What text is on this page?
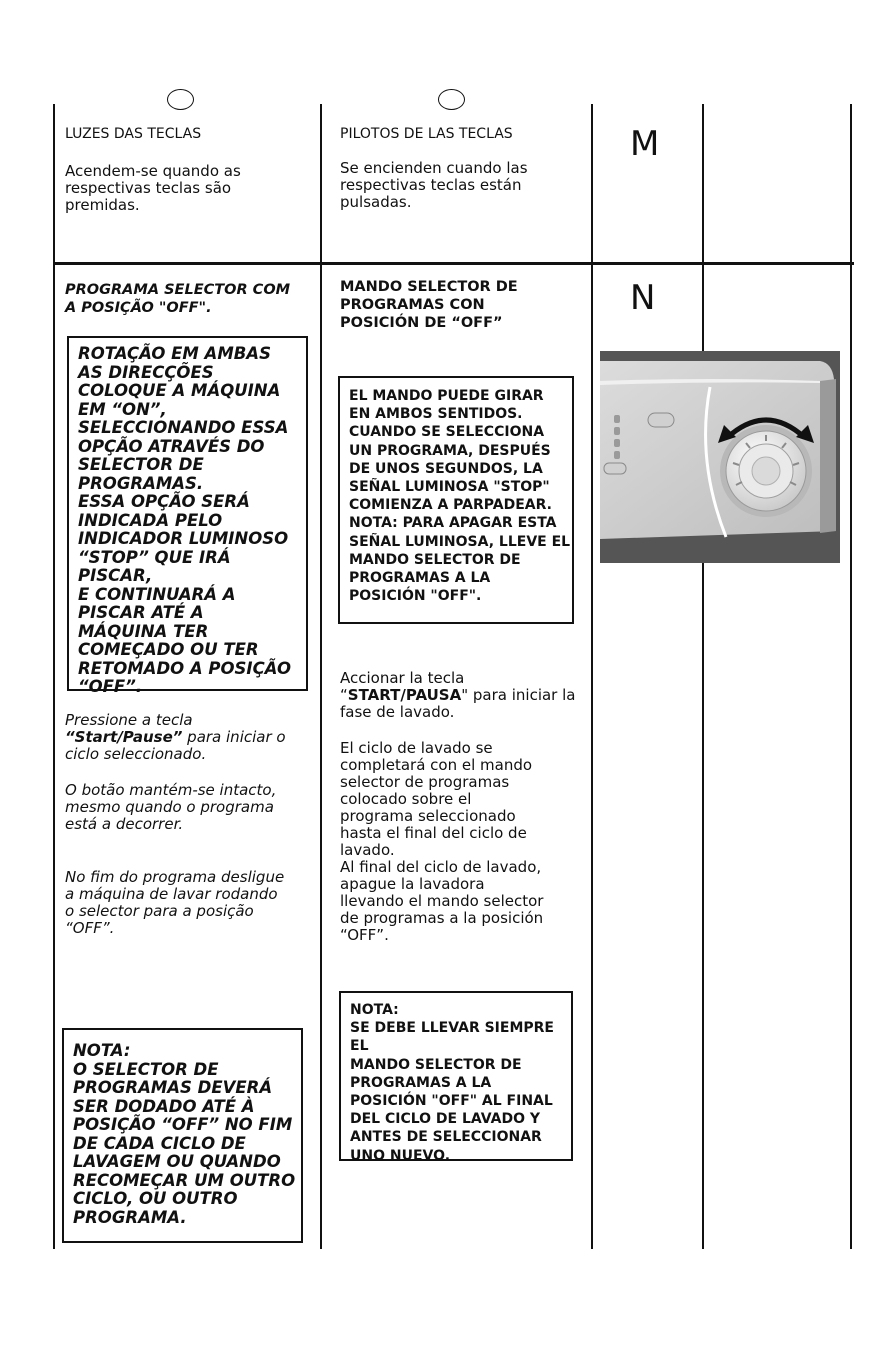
LUZES DAS TECLAS

Acendem-se quando as
respectivas teclas são
premidas.

PILOTOS DE LAS TECLAS

Se encienden cuando las
respectivas teclas están
pulsadas.

M

PROGRAMA SELECTOR COM
A POSIÇÃO "OFF".

ROTAÇÃO EM AMBAS
AS DIRECÇÕES
COLOQUE A MÁQUINA
EM “ON”,
SELECCIONANDO ESSA
OPÇÃO ATRAVÉS DO
SELECTOR DE
PROGRAMAS.
ESSA OPÇÃO SERÁ
INDICADA PELO
INDICADOR LUMINOSO
“STOP” QUE IRÁ PISCAR,
E CONTINUARÁ A
PISCAR ATÉ A
MÁQUINA TER
COMEÇADO OU TER
RETOMADO A POSIÇÃO
“OFF”.

Pressione a tecla
“Start/Pause” para iniciar o
ciclo seleccionado.

O botão mantém-se intacto,
mesmo quando o programa
está a decorrer.

No fim do programa desligue
a máquina de lavar rodando
o selector para a posição
“OFF”.

NOTA:
O SELECTOR DE
PROGRAMAS DEVERÁ
SER DODADO ATÉ À
POSIÇÃO “OFF” NO FIM
DE CADA CICLO DE
LAVAGEM OU QUANDO
RECOMEÇAR UM OUTRO
CICLO, OU OUTRO
PROGRAMA.

MANDO SELECTOR DE
PROGRAMAS CON
POSICIÓN DE “OFF”

EL MANDO PUEDE GIRAR
EN AMBOS SENTIDOS.
CUANDO SE SELECCIONA
UN PROGRAMA, DESPUÉS
DE UNOS SEGUNDOS, LA
SEÑAL LUMINOSA "STOP"
COMIENZA A PARPADEAR.
NOTA: PARA APAGAR ESTA
SEÑAL LUMINOSA, LLEVE EL
MANDO SELECTOR DE
PROGRAMAS A LA
POSICIÓN "OFF".

Accionar la tecla
“START/PAUSA" para iniciar la
fase de lavado.

El ciclo de lavado se
completará con el mando
selector de programas
colocado sobre el
programa seleccionado
hasta el final del ciclo de
lavado.
Al final del ciclo de lavado,
apague la lavadora
llevando el mando selector
de programas a la posición
“OFF”.

NOTA:
SE DEBE LLEVAR SIEMPRE EL
MANDO SELECTOR DE
PROGRAMAS A LA
POSICIÓN "OFF" AL FINAL
DEL CICLO DE LAVADO Y
ANTES DE SELECCIONAR
UNO NUEVO.

N
